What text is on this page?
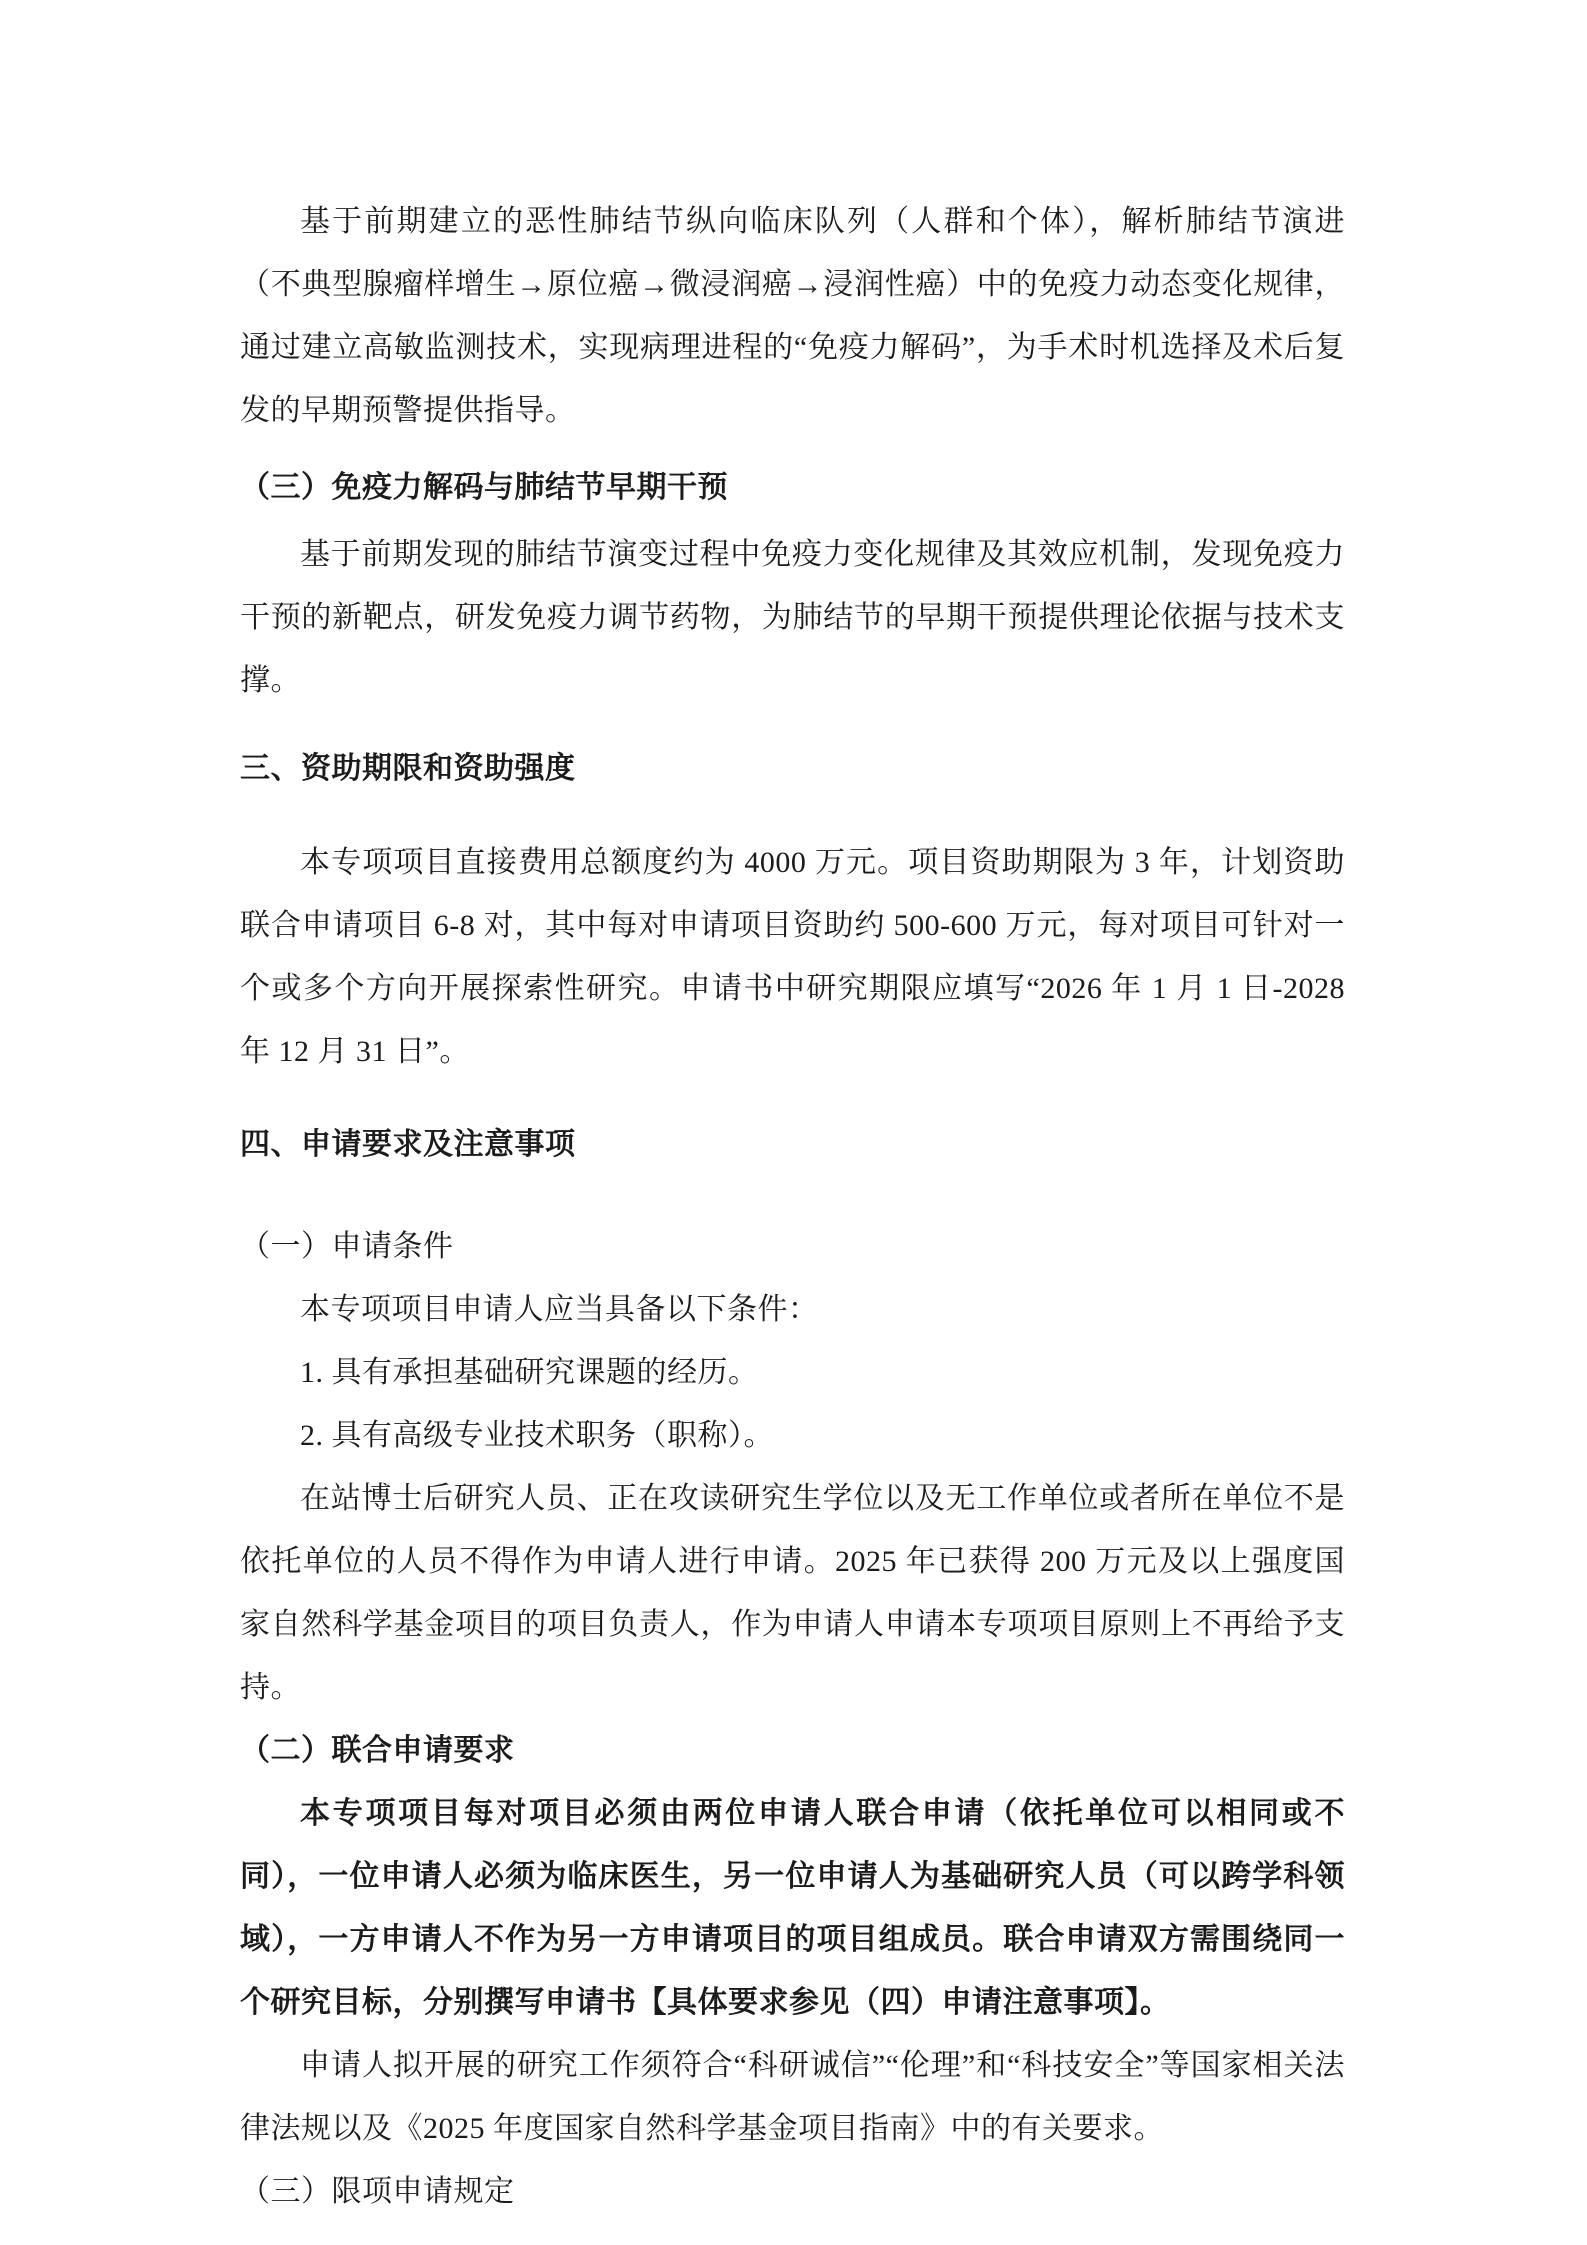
基于前期建立的恶性肺结节纵向临床队列（人群和个体），解析肺结节演进（不典型腺瘤样增生→原位癌→微浸润癌→浸润性癌）中的免疫力动态变化规律，通过建立高敏监测技术，实现病理进程的“免疫力解码”，为手术时机选择及术后复发的早期预警提供指导。

（三）免疫力解码与肺结节早期干预

基于前期发现的肺结节演变过程中免疫力变化规律及其效应机制，发现免疫力干预的新靶点，研发免疫力调节药物，为肺结节的早期干预提供理论依据与技术支撑。

三、资助期限和资助强度

本专项项目直接费用总额度约为 4000 万元。项目资助期限为 3 年，计划资助联合申请项目 6-8 对，其中每对申请项目资助约 500-600 万元，每对项目可针对一个或多个方向开展探索性研究。申请书中研究期限应填写“2026 年 1 月 1 日-2028 年 12 月 31 日”。

四、申请要求及注意事项
（一）申请条件

本专项项目申请人应当具备以下条件：

1. 具有承担基础研究课题的经历。

2. 具有高级专业技术职务（职称）。

在站博士后研究人员、正在攻读研究生学位以及无工作单位或者所在单位不是依托单位的人员不得作为申请人进行申请。2025 年已获得 200 万元及以上强度国家自然科学基金项目的项目负责人，作为申请人申请本专项项目原则上不再给予支持。

（二）联合申请要求

本专项项目每对项目必须由两位申请人联合申请（依托单位可以相同或不同），一位申请人必须为临床医生，另一位申请人为基础研究人员（可以跨学科领域），一方申请人不作为另一方申请项目的项目组成员。联合申请双方需围绕同一个研究目标，分别撰写申请书【具体要求参见（四）申请注意事项】。

申请人拟开展的研究工作须符合“科研诚信”“伦理”和“科技安全”等国家相关法律法规以及《2025 年度国家自然科学基金项目指南》中的有关要求。

（三）限项申请规定
